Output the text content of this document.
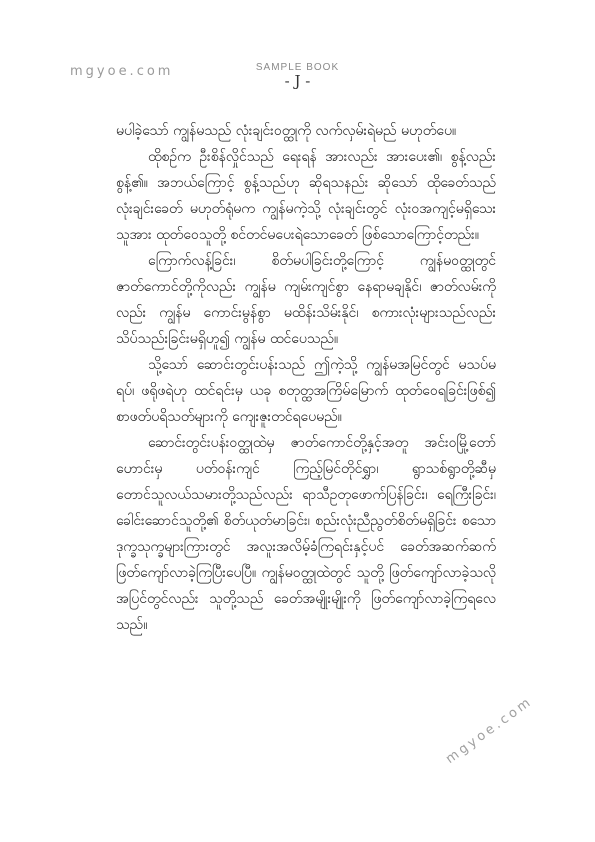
mgyoe.com	SAMPLE BOOK
- J -

မပါခဲ့သော် ကျွန်မသည် လုံးချင်းဝတ္ထုကို လက်လှမ်းရဲမည် မဟုတ်ပေ။

ထိုစဉ်က ဦးစိန်လှိုင်သည် ရေးရန် အားလည်း အားပေး၏၊ စွန့်လည်းစွန့်၏။ အဘယ်ကြောင့် စွန့်သည်ဟု ဆိုရသနည်း ဆိုသော် ထိုခေတ်သည် လုံးချင်းခေတ် မဟုတ်ရုံမက ကျွန်မကဲ့သို့ လုံးချင်းတွင် လုံးဝအကျင့်မရှိသေးသူအား ထုတ်ဝေသူတို့ စင်တင်မပေးရဲသောခေတ် ဖြစ်သောကြောင့်တည်း။

ကြောက်လန့်ခြင်း၊ စိတ်မပါခြင်းတို့ကြောင့် ကျွန်မဝတ္ထုတွင် ဇာတ်ကောင်တို့ကိုလည်း ကျွန်မ ကျမ်းကျင်စွာ နေရာမချနိုင်၊ ဇာတ်လမ်းကိုလည်း ကျွန်မ ကောင်းမွန်စွာ မထိန်းသိမ်းနိုင်၊ စကားလုံးများသည်လည်း သိပ်သည်းခြင်းမရှိဟူ၍ ကျွန်မ ထင်ပေသည်။

သို့သော် ဆောင်းတွင်းပန်းသည် ဤကဲ့သို့ ကျွန်မအမြင်တွင် မသပ်မရပ်၊ ဖရိုဖရဲဟု ထင်ရင်းမှ ယခု စတုတ္ထအကြိမ်မြောက် ထုတ်ဝေရခြင်းဖြစ်၍ စာဖတ်ပရိသတ်များကို ကျေးဇူးတင်ရပေမည်။

ဆောင်းတွင်းပန်းဝတ္ထုထဲမှ ဇာတ်ကောင်တို့နှင့်အတူ အင်းဝမြို့တော်ဟောင်းမှ ပတ်ဝန်းကျင် ကြည့်မြင်တိုင်ရွှာ၊ ရွာသစ်ရွာတို့ဆီမှ တောင်သူလယ်သမားတို့သည်လည်း ရာသီဥတုဖောက်ပြန်ခြင်း၊ ရေကြီးခြင်း၊ ခေါင်းဆောင်သူတို့၏ စိတ်ယုတ်မာခြင်း၊ စည်းလုံးညီညွတ်စိတ်မရှိခြင်း စသော ဒုက္ခသုက္ခများကြားတွင် အလူးအလိမ့်ခံကြရင်းနှင့်ပင် ခေတ်အဆက်ဆက် ဖြတ်ကျော်လာခဲ့ကြပြီးပေပြီ။ ကျွန်မဝတ္ထုထဲတွင် သူတို့ ဖြတ်ကျော်လာခဲ့သလို အပြင်တွင်လည်း သူတို့သည် ခေတ်အမျိုးမျိုးကို ဖြတ်ကျော်လာခဲ့ကြရလေသည်။

mgyoe.com
